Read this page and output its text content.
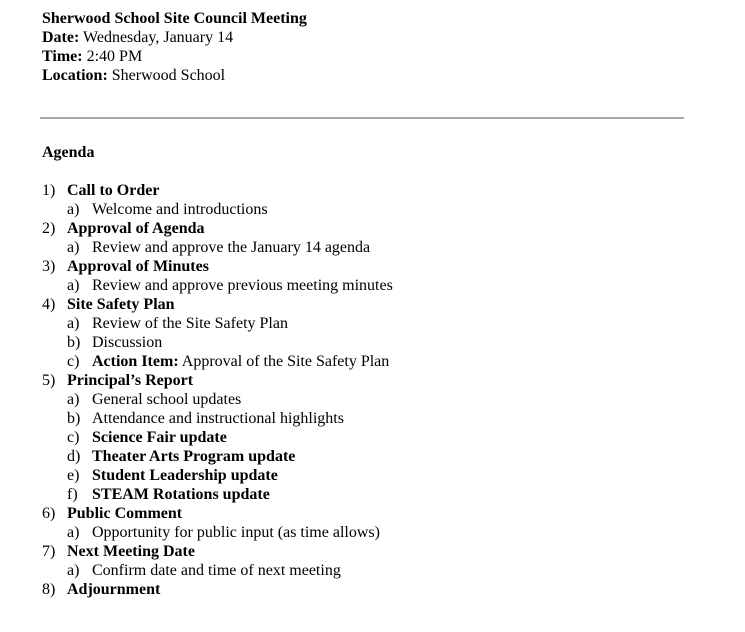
Sherwood School Site Council Meeting
Date: Wednesday, January 14
Time: 2:40 PM
Location: Sherwood School
Agenda
1) Call to Order
a) Welcome and introductions
2) Approval of Agenda
a) Review and approve the January 14 agenda
3) Approval of Minutes
a) Review and approve previous meeting minutes
4) Site Safety Plan
a) Review of the Site Safety Plan
b) Discussion
c) Action Item: Approval of the Site Safety Plan
5) Principal’s Report
a) General school updates
b) Attendance and instructional highlights
c) Science Fair update
d) Theater Arts Program update
e) Student Leadership update
f) STEAM Rotations update
6) Public Comment
a) Opportunity for public input (as time allows)
7) Next Meeting Date
a) Confirm date and time of next meeting
8) Adjournment
